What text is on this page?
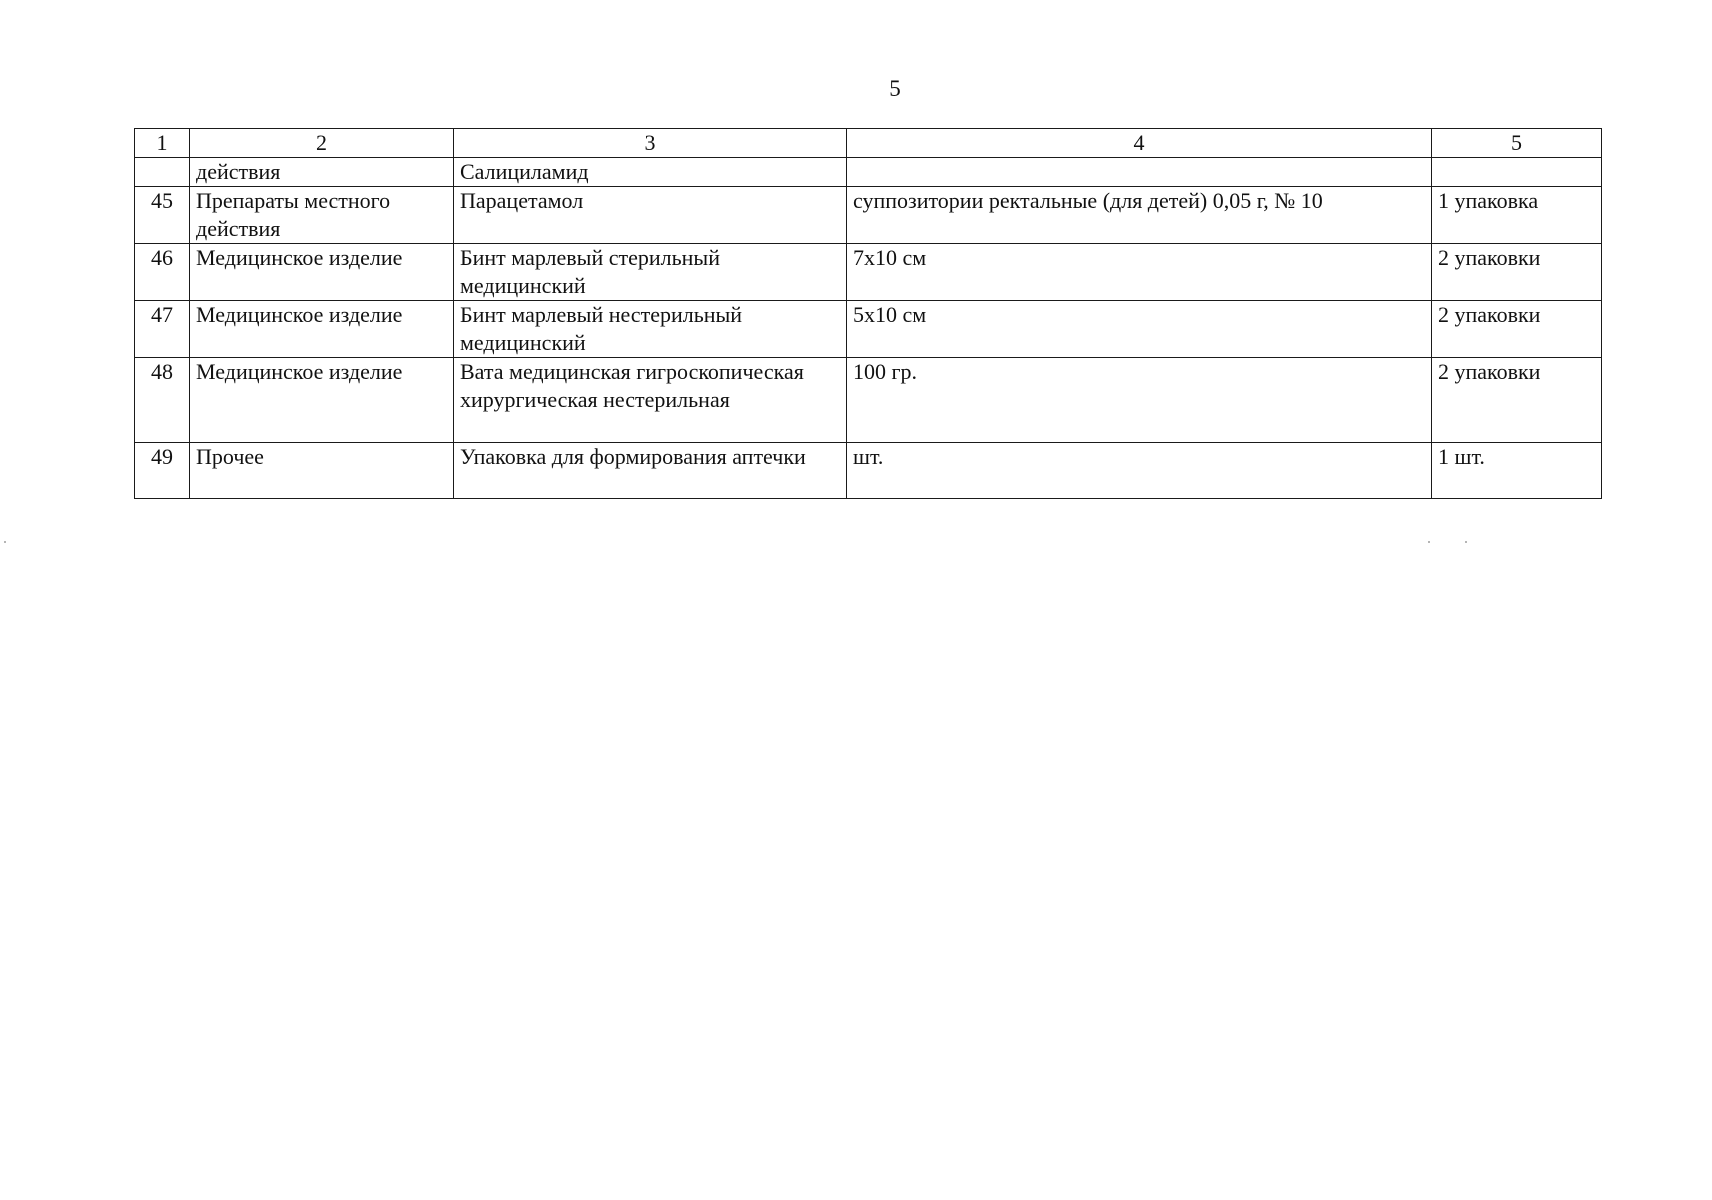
5
1	2	3	4	5
	действия	Салициламид		
45	Препараты местного действия	Парацетамол	суппозитории ректальные (для детей) 0,05 г, № 10	1 упаковка
46	Медицинское изделие	Бинт марлевый стерильный медицинский	7х10 см	2 упаковки
47	Медицинское изделие	Бинт марлевый нестерильный медицинский	5х10 см	2 упаковки
48	Медицинское изделие	Вата медицинская гигроскопическая хирургическая нестерильная	100 гр.	2 упаковки
49	Прочее	Упаковка для формирования аптечки	шт.	1 шт.
